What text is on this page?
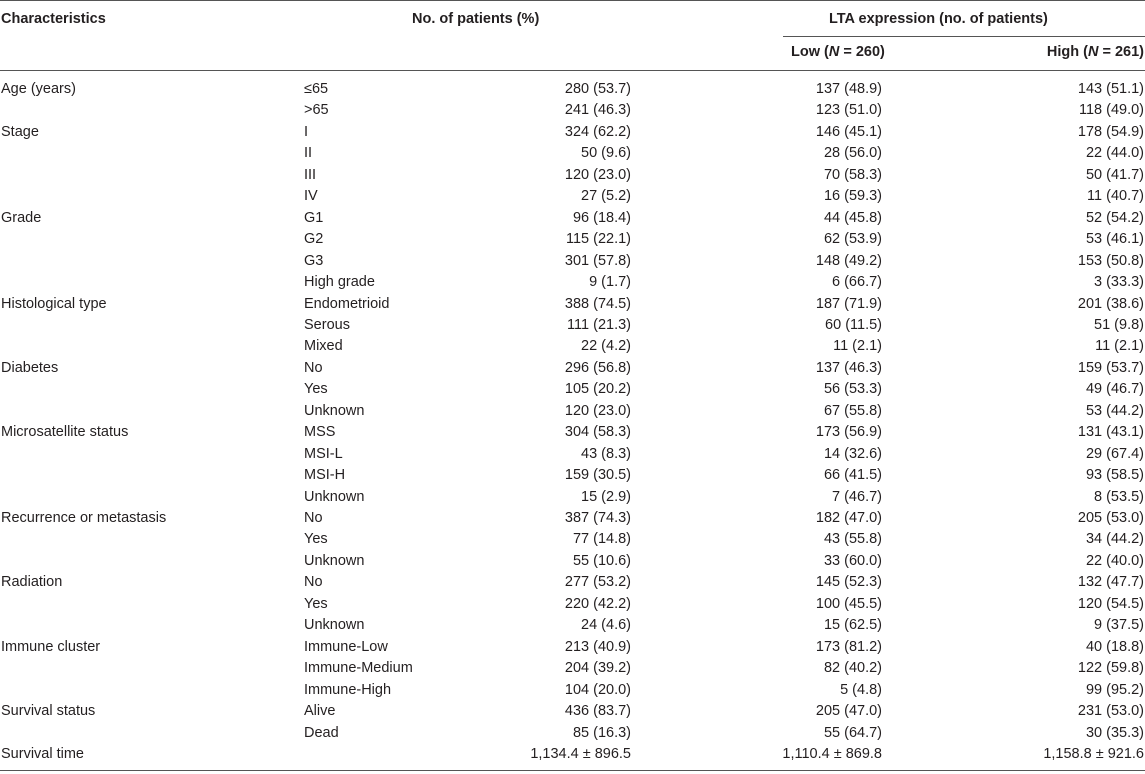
Characteristics	No. of patients (%)	LTA expression (no. of patients)
Low (N = 260)	High (N = 261)
Age (years)	≤65	280 (53.7)	137 (48.9)	143 (51.1)
>65	241 (46.3)	123 (51.0)	118 (49.0)
Stage	I	324 (62.2)	146 (45.1)	178 (54.9)
II	50 (9.6)	28 (56.0)	22 (44.0)
III	120 (23.0)	70 (58.3)	50 (41.7)
IV	27 (5.2)	16 (59.3)	11 (40.7)
Grade	G1	96 (18.4)	44 (45.8)	52 (54.2)
G2	115 (22.1)	62 (53.9)	53 (46.1)
G3	301 (57.8)	148 (49.2)	153 (50.8)
High grade	9 (1.7)	6 (66.7)	3 (33.3)
Histological type	Endometrioid	388 (74.5)	187 (71.9)	201 (38.6)
Serous	111 (21.3)	60 (11.5)	51 (9.8)
Mixed	22 (4.2)	11 (2.1)	11 (2.1)
Diabetes	No	296 (56.8)	137 (46.3)	159 (53.7)
Yes	105 (20.2)	56 (53.3)	49 (46.7)
Unknown	120 (23.0)	67 (55.8)	53 (44.2)
Microsatellite status	MSS	304 (58.3)	173 (56.9)	131 (43.1)
MSI-L	43 (8.3)	14 (32.6)	29 (67.4)
MSI-H	159 (30.5)	66 (41.5)	93 (58.5)
Unknown	15 (2.9)	7 (46.7)	8 (53.5)
Recurrence or metastasis	No	387 (74.3)	182 (47.0)	205 (53.0)
Yes	77 (14.8)	43 (55.8)	34 (44.2)
Unknown	55 (10.6)	33 (60.0)	22 (40.0)
Radiation	No	277 (53.2)	145 (52.3)	132 (47.7)
Yes	220 (42.2)	100 (45.5)	120 (54.5)
Unknown	24 (4.6)	15 (62.5)	9 (37.5)
Immune cluster	Immune-Low	213 (40.9)	173 (81.2)	40 (18.8)
Immune-Medium	204 (39.2)	82 (40.2)	122 (59.8)
Immune-High	104 (20.0)	5 (4.8)	99 (95.2)
Survival status	Alive	436 (83.7)	205 (47.0)	231 (53.0)
Dead	85 (16.3)	55 (64.7)	30 (35.3)
Survival time	1,134.4 ± 896.5	1,110.4 ± 869.8	1,158.8 ± 921.6
